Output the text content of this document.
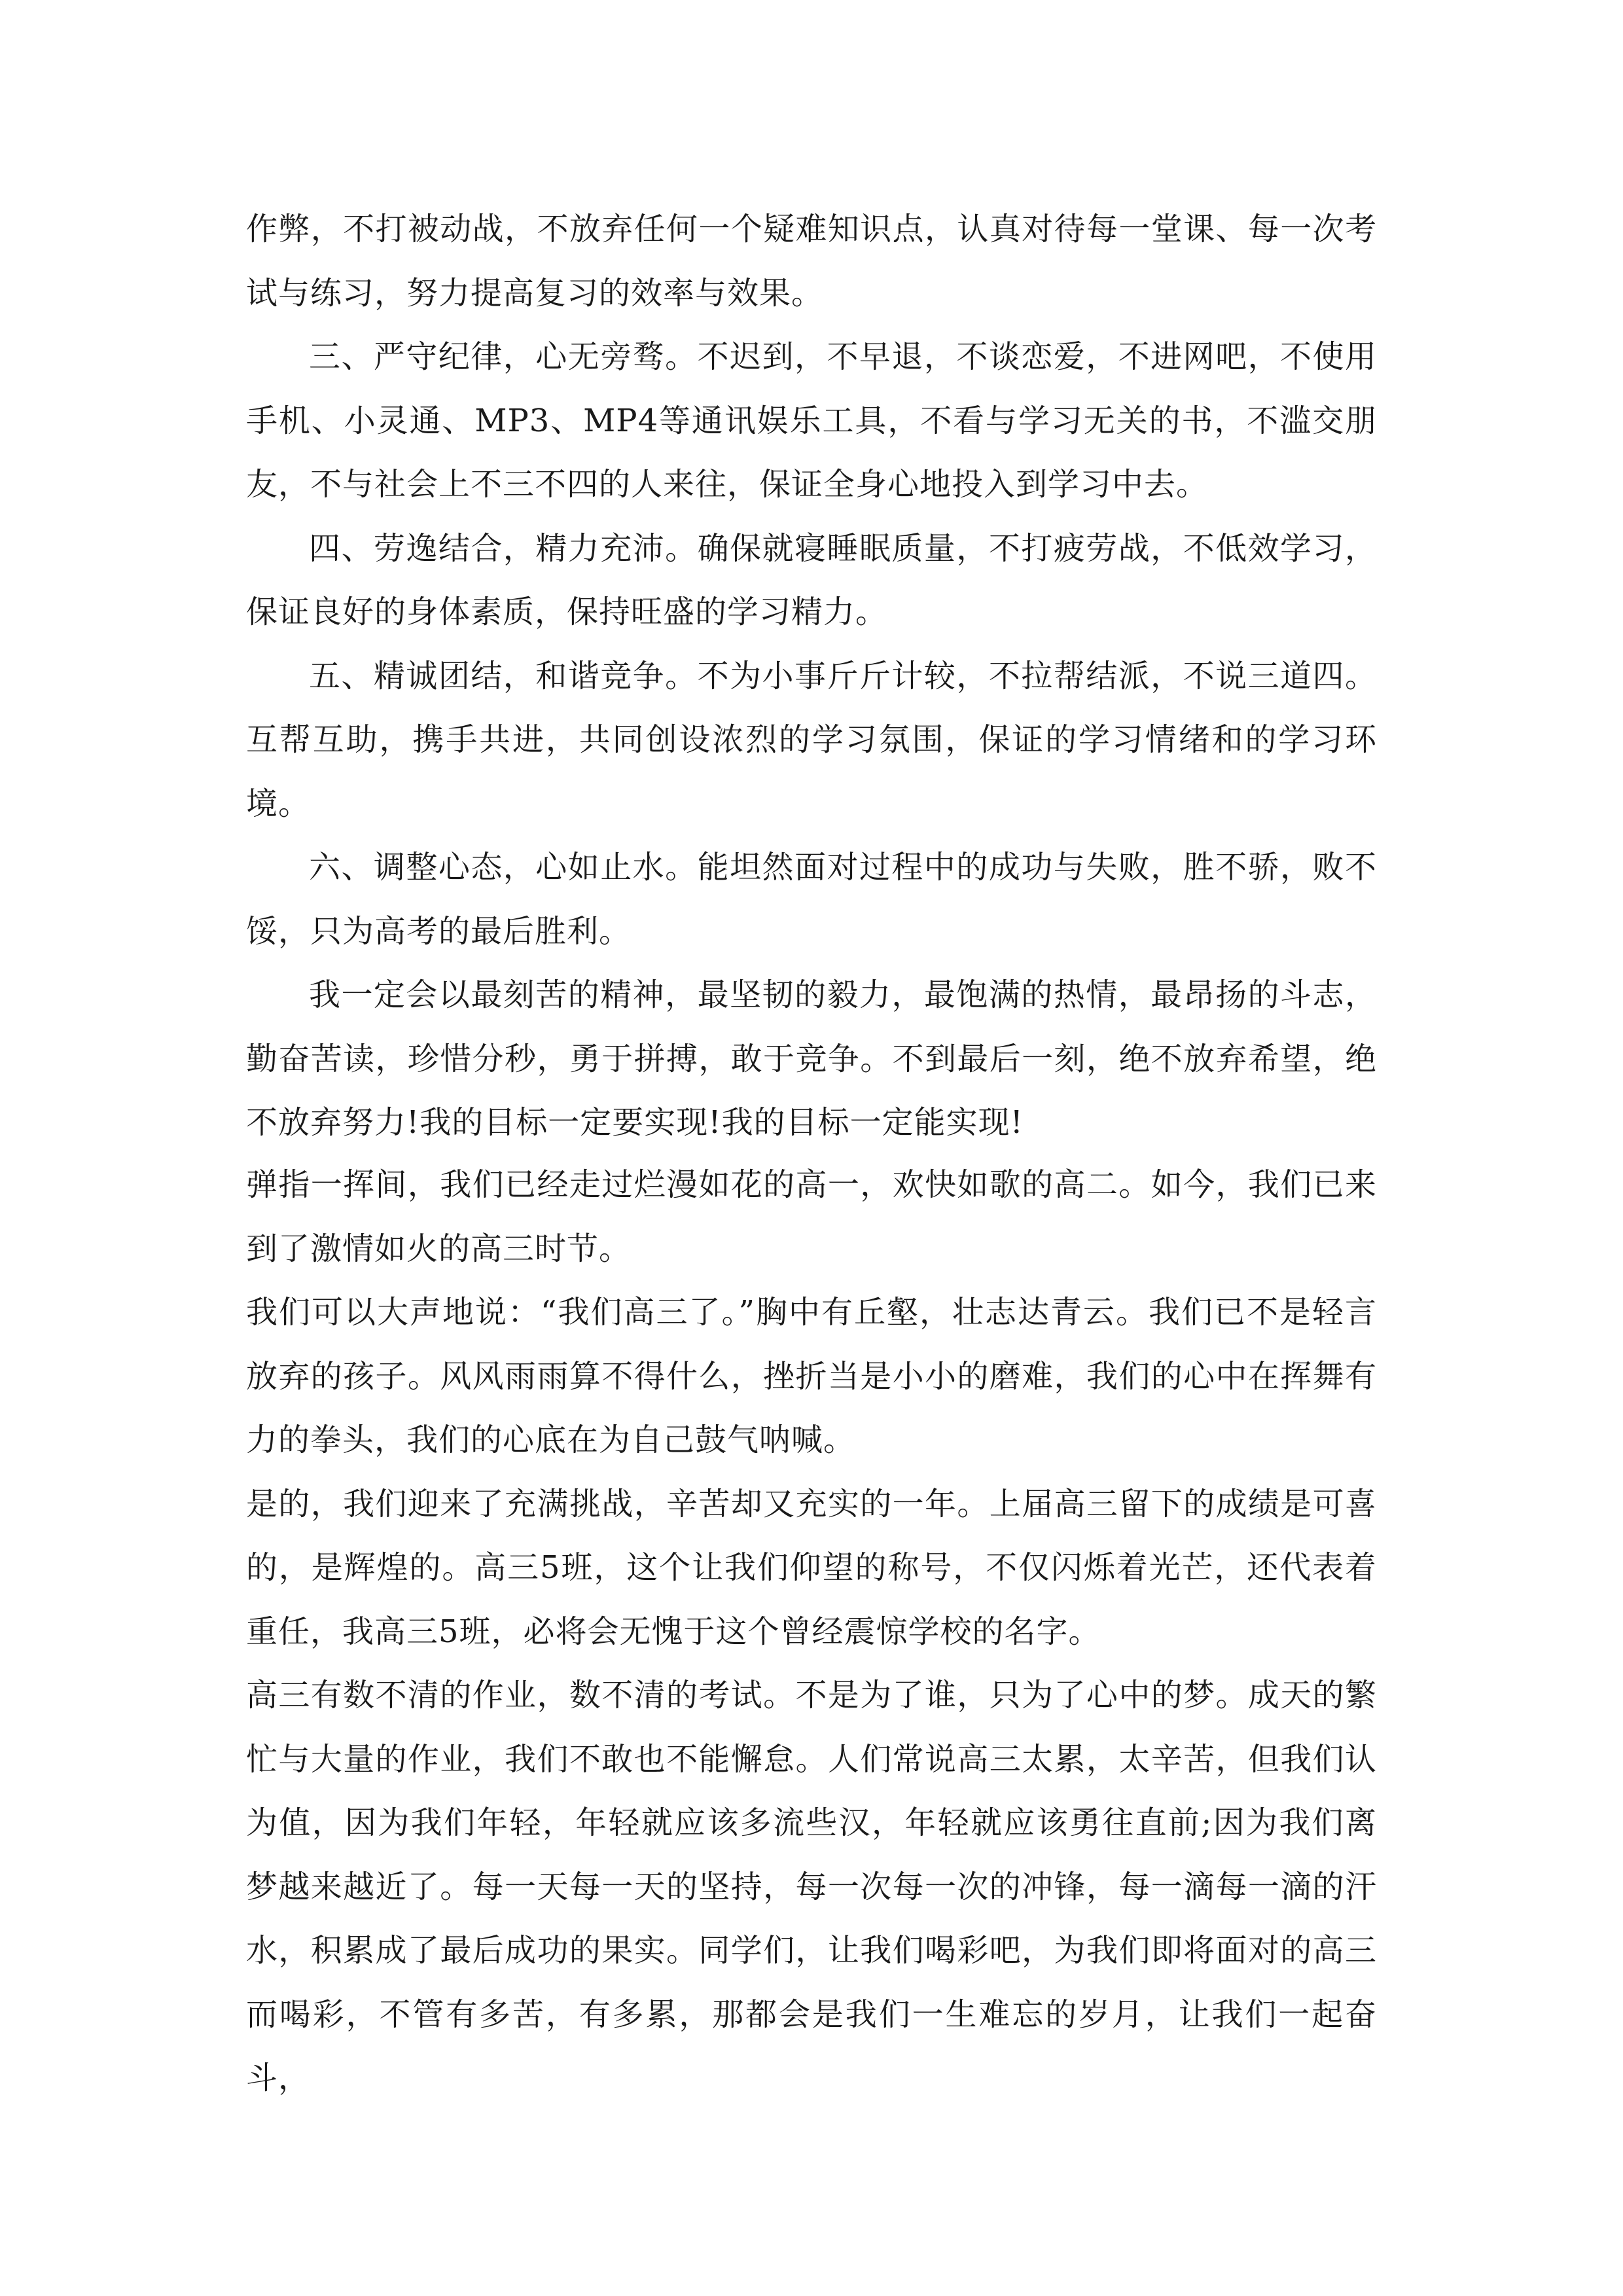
作弊，不打被动战，不放弃任何一个疑难知识点，认真对待每一堂课、每一次考试与练习，努力提高复习的效率与效果。

三、严守纪律，心无旁骛。不迟到，不早退，不谈恋爱，不进网吧，不使用手机、小灵通、MP3、MP4等通讯娱乐工具，不看与学习无关的书，不滥交朋友，不与社会上不三不四的人来往，保证全身心地投入到学习中去。

四、劳逸结合，精力充沛。确保就寝睡眠质量，不打疲劳战，不低效学习，保证良好的身体素质，保持旺盛的学习精力。

五、精诚团结，和谐竞争。不为小事斤斤计较，不拉帮结派，不说三道四。互帮互助，携手共进，共同创设浓烈的学习氛围，保证的学习情绪和的学习环境。

六、调整心态，心如止水。能坦然面对过程中的成功与失败，胜不骄，败不馁，只为高考的最后胜利。

我一定会以最刻苦的精神，最坚韧的毅力，最饱满的热情，最昂扬的斗志，勤奋苦读，珍惜分秒，勇于拼搏，敢于竞争。不到最后一刻，绝不放弃希望，绝不放弃努力!我的目标一定要实现!我的目标一定能实现!

弹指一挥间，我们已经走过烂漫如花的高一，欢快如歌的高二。如今，我们已来到了激情如火的高三时节。

我们可以大声地说：“我们高三了。”胸中有丘壑，壮志达青云。我们已不是轻言放弃的孩子。风风雨雨算不得什么，挫折当是小小的磨难，我们的心中在挥舞有力的拳头，我们的心底在为自己鼓气呐喊。

是的，我们迎来了充满挑战，辛苦却又充实的一年。上届高三留下的成绩是可喜的，是辉煌的。高三5班，这个让我们仰望的称号，不仅闪烁着光芒，还代表着重任，我高三5班，必将会无愧于这个曾经震惊学校的名字。

高三有数不清的作业，数不清的考试。不是为了谁，只为了心中的梦。成天的繁忙与大量的作业，我们不敢也不能懈怠。人们常说高三太累，太辛苦，但我们认为值，因为我们年轻，年轻就应该多流些汉，年轻就应该勇往直前;因为我们离梦越来越近了。每一天每一天的坚持，每一次每一次的冲锋，每一滴每一滴的汗水，积累成了最后成功的果实。同学们，让我们喝彩吧，为我们即将面对的高三而喝彩，不管有多苦，有多累，那都会是我们一生难忘的岁月，让我们一起奋斗，
